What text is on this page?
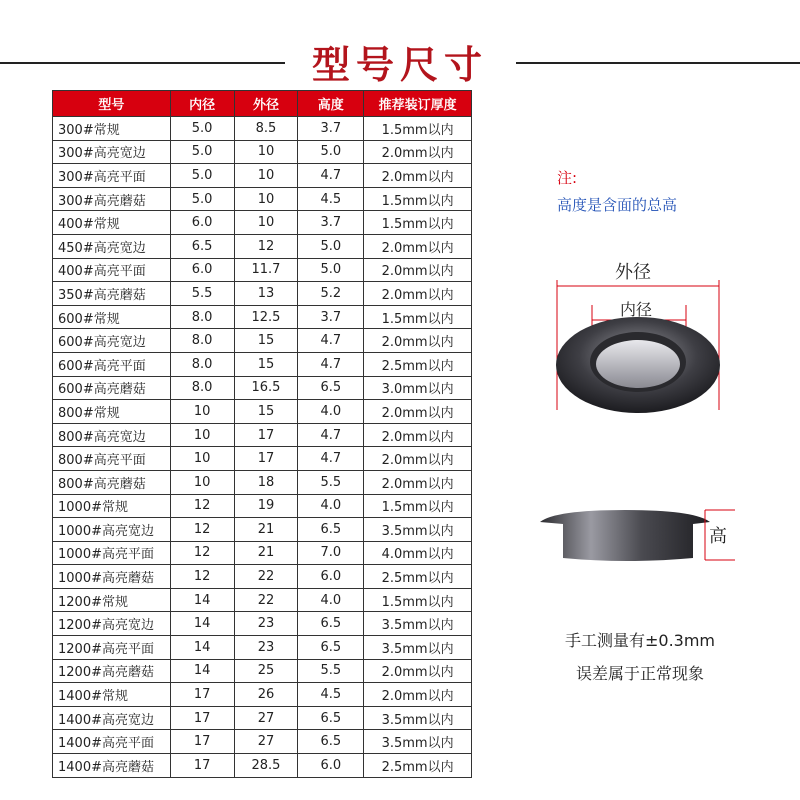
型号尺寸
型号	内径	外径	高度	推荐装订厚度
300#常规	5.0	8.5	3.7	1.5mm以内
300#高亮宽边	5.0	10	5.0	2.0mm以内
300#高亮平面	5.0	10	4.7	2.0mm以内
300#高亮蘑菇	5.0	10	4.5	1.5mm以内
400#常规	6.0	10	3.7	1.5mm以内
450#高亮宽边	6.5	12	5.0	2.0mm以内
400#高亮平面	6.0	11.7	5.0	2.0mm以内
350#高亮蘑菇	5.5	13	5.2	2.0mm以内
600#常规	8.0	12.5	3.7	1.5mm以内
600#高亮宽边	8.0	15	4.7	2.0mm以内
600#高亮平面	8.0	15	4.7	2.5mm以内
600#高亮蘑菇	8.0	16.5	6.5	3.0mm以内
800#常规	10	15	4.0	2.0mm以内
800#高亮宽边	10	17	4.7	2.0mm以内
800#高亮平面	10	17	4.7	2.0mm以内
800#高亮蘑菇	10	18	5.5	2.0mm以内
1000#常规	12	19	4.0	1.5mm以内
1000#高亮宽边	12	21	6.5	3.5mm以内
1000#高亮平面	12	21	7.0	4.0mm以内
1000#高亮蘑菇	12	22	6.0	2.5mm以内
1200#常规	14	22	4.0	1.5mm以内
1200#高亮宽边	14	23	6.5	3.5mm以内
1200#高亮平面	14	23	6.5	3.5mm以内
1200#高亮蘑菇	14	25	5.5	2.0mm以内
1400#常规	17	26	4.5	2.0mm以内
1400#高亮宽边	17	27	6.5	3.5mm以内
1400#高亮平面	17	27	6.5	3.5mm以内
1400#高亮蘑菇	17	28.5	6.0	2.5mm以内
注:
高度是含面的总高
外径
内径
高
手工测量有±0.3mm
误差属于正常现象
